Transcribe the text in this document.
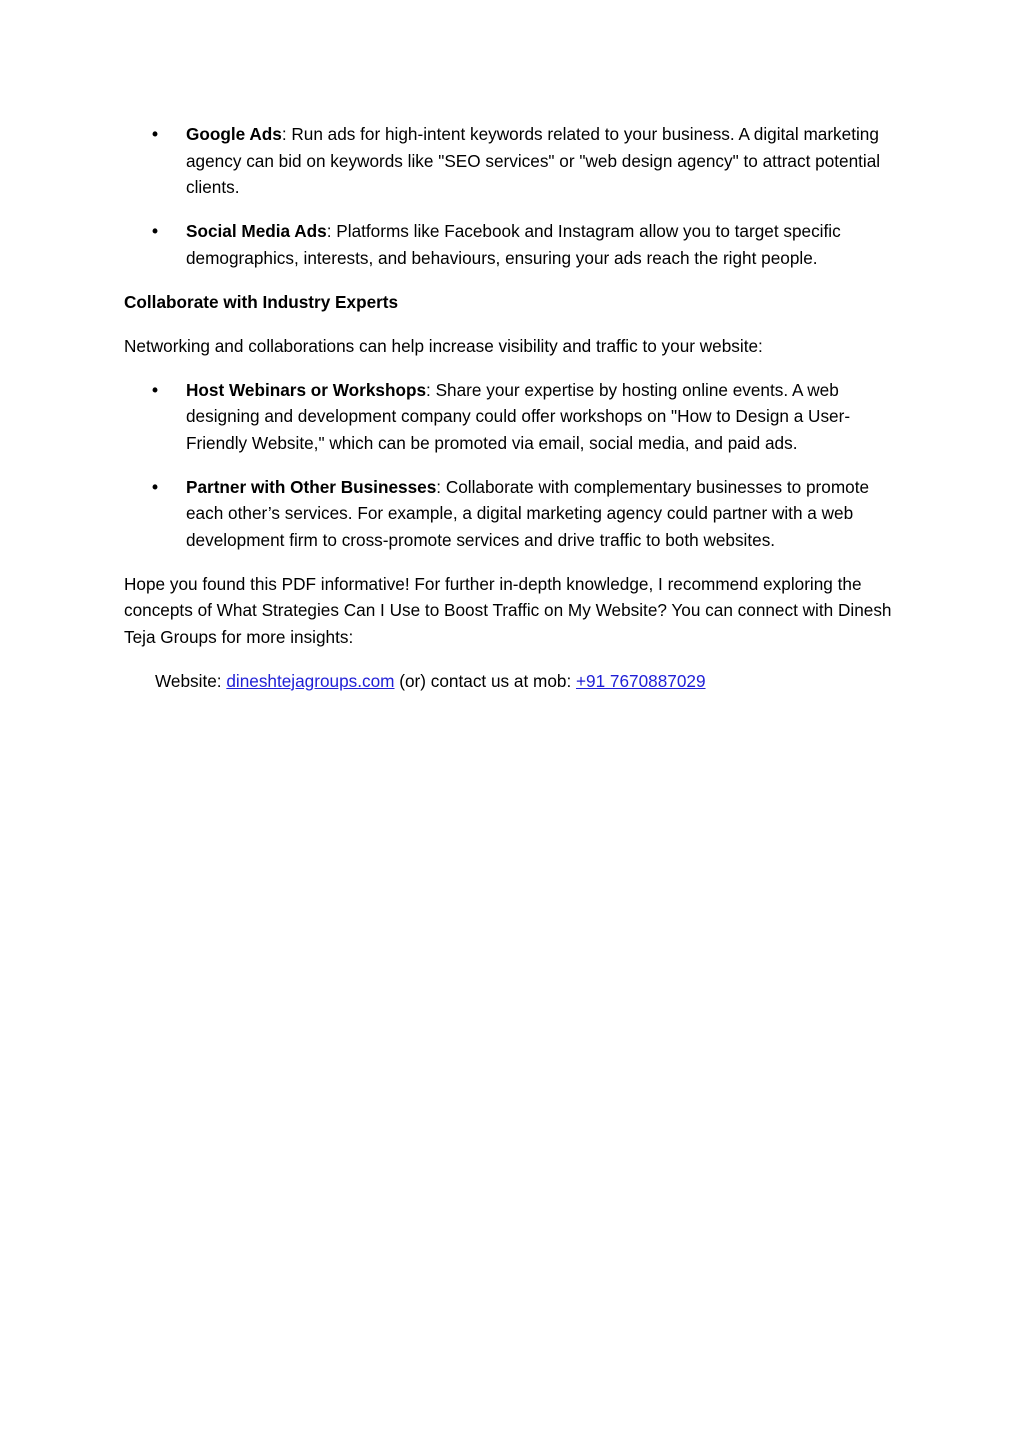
• Google Ads: Run ads for high-intent keywords related to your business. A digital marketing agency can bid on keywords like "SEO services" or "web design agency" to attract potential clients.
• Social Media Ads: Platforms like Facebook and Instagram allow you to target specific demographics, interests, and behaviours, ensuring your ads reach the right people.

Collaborate with Industry Experts

Networking and collaborations can help increase visibility and traffic to your website:

• Host Webinars or Workshops: Share your expertise by hosting online events. A web designing and development company could offer workshops on "How to Design a User-Friendly Website," which can be promoted via email, social media, and paid ads.
• Partner with Other Businesses: Collaborate with complementary businesses to promote each other’s services. For example, a digital marketing agency could partner with a web development firm to cross-promote services and drive traffic to both websites.

Hope you found this PDF informative! For further in-depth knowledge, I recommend exploring the concepts of What Strategies Can I Use to Boost Traffic on My Website? You can connect with Dinesh Teja Groups for more insights:

Website: dineshtejagroups.com (or) contact us at mob: +91 7670887029
